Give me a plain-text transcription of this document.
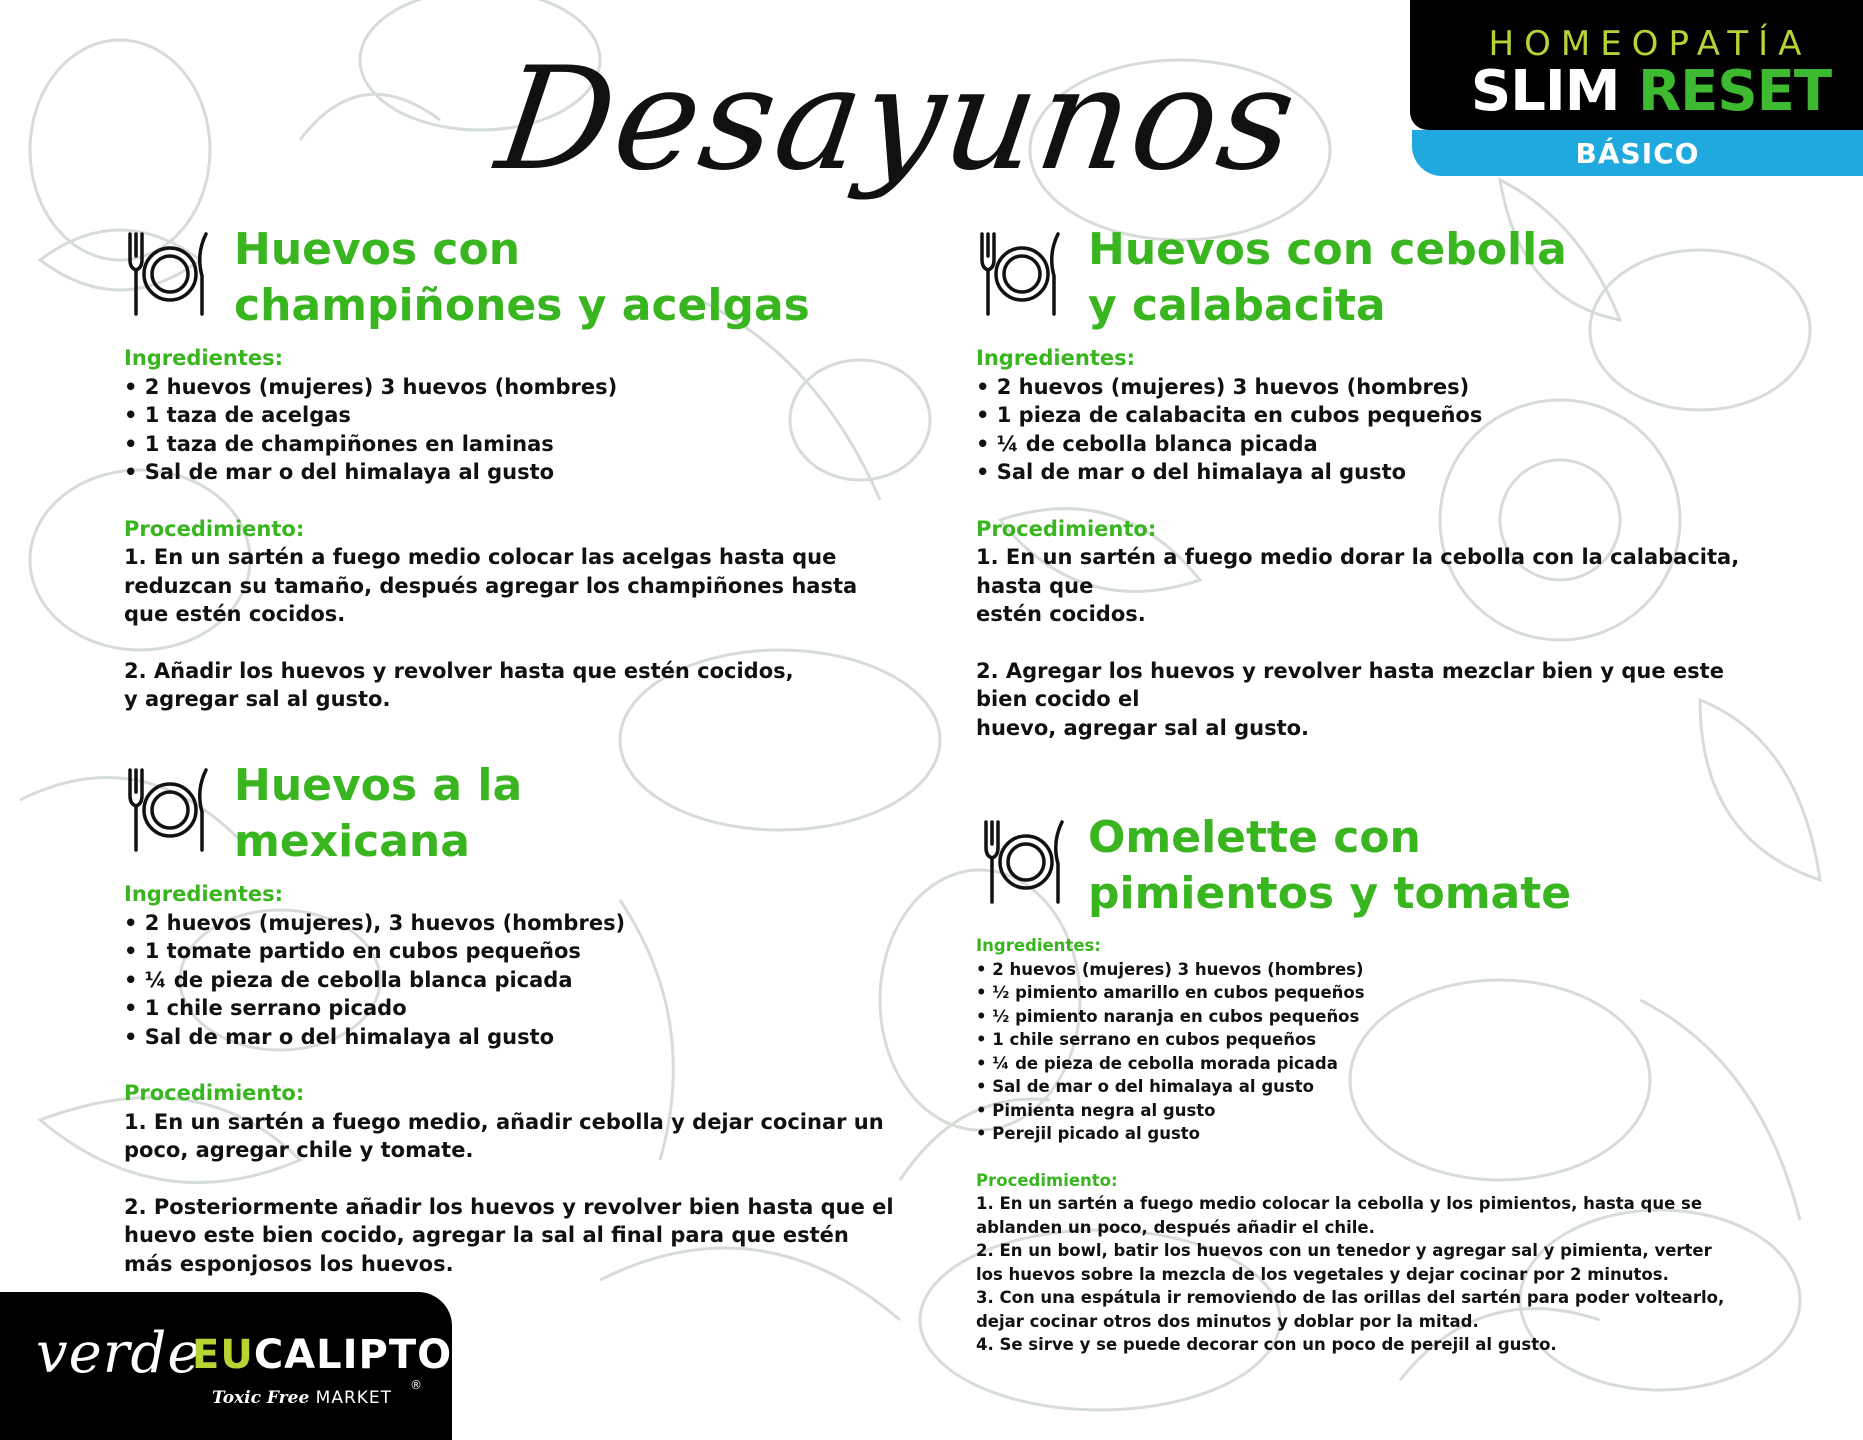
Desayunos	HOMEOPATÍA
SLIM RESET
BÁSICO
Huevos con
champiñones y acelgas
Ingredientes:
• 2 huevos (mujeres) 3 huevos (hombres)
• 1 taza de acelgas
• 1 taza de champiñones en laminas
• Sal de mar o del himalaya al gusto
Procedimiento:
1. En un sartén a fuego medio colocar las acelgas hasta que
reduzcan su tamaño, después agregar los champiñones hasta
que estén cocidos.
2. Añadir los huevos y revolver hasta que estén cocidos,
y agregar sal al gusto.
Huevos con cebolla
y calabacita
Ingredientes:
• 2 huevos (mujeres) 3 huevos (hombres)
• 1 pieza de calabacita en cubos pequeños
• ¼ de cebolla blanca picada
• Sal de mar o del himalaya al gusto
Procedimiento:
1. En un sartén a fuego medio dorar la cebolla con la calabacita,
hasta que
estén cocidos.
2. Agregar los huevos y revolver hasta mezclar bien y que este
bien cocido el
huevo, agregar sal al gusto.
Huevos a la
mexicana
Ingredientes:
• 2 huevos (mujeres), 3 huevos (hombres)
• 1 tomate partido en cubos pequeños
• ¼ de pieza de cebolla blanca picada
• 1 chile serrano picado
• Sal de mar o del himalaya al gusto
Procedimiento:
1. En un sartén a fuego medio, añadir cebolla y dejar cocinar un
poco, agregar chile y tomate.
2. Posteriormente añadir los huevos y revolver bien hasta que el
huevo este bien cocido, agregar la sal al final para que estén
más esponjosos los huevos.
Omelette con
pimientos y tomate
Ingredientes:
• 2 huevos (mujeres) 3 huevos (hombres)
• ½ pimiento amarillo en cubos pequeños
• ½ pimiento naranja en cubos pequeños
• 1 chile serrano en cubos pequeños
• ¼ de pieza de cebolla morada picada
• Sal de mar o del himalaya al gusto
• Pimienta negra al gusto
• Perejil picado al gusto
Procedimiento:
1. En un sartén a fuego medio colocar la cebolla y los pimientos, hasta que se
ablanden un poco, después añadir el chile.
2. En un bowl, batir los huevos con un tenedor y agregar sal y pimienta, verter
los huevos sobre la mezcla de los vegetales y dejar cocinar por 2 minutos.
3. Con una espátula ir removiendo de las orillas del sartén para poder voltearlo,
dejar cocinar otros dos minutos y doblar por la mitad.
4. Se sirve y se puede decorar con un poco de perejil al gusto.
verde
EUCALIPTO
®
Toxic Free MARKET
